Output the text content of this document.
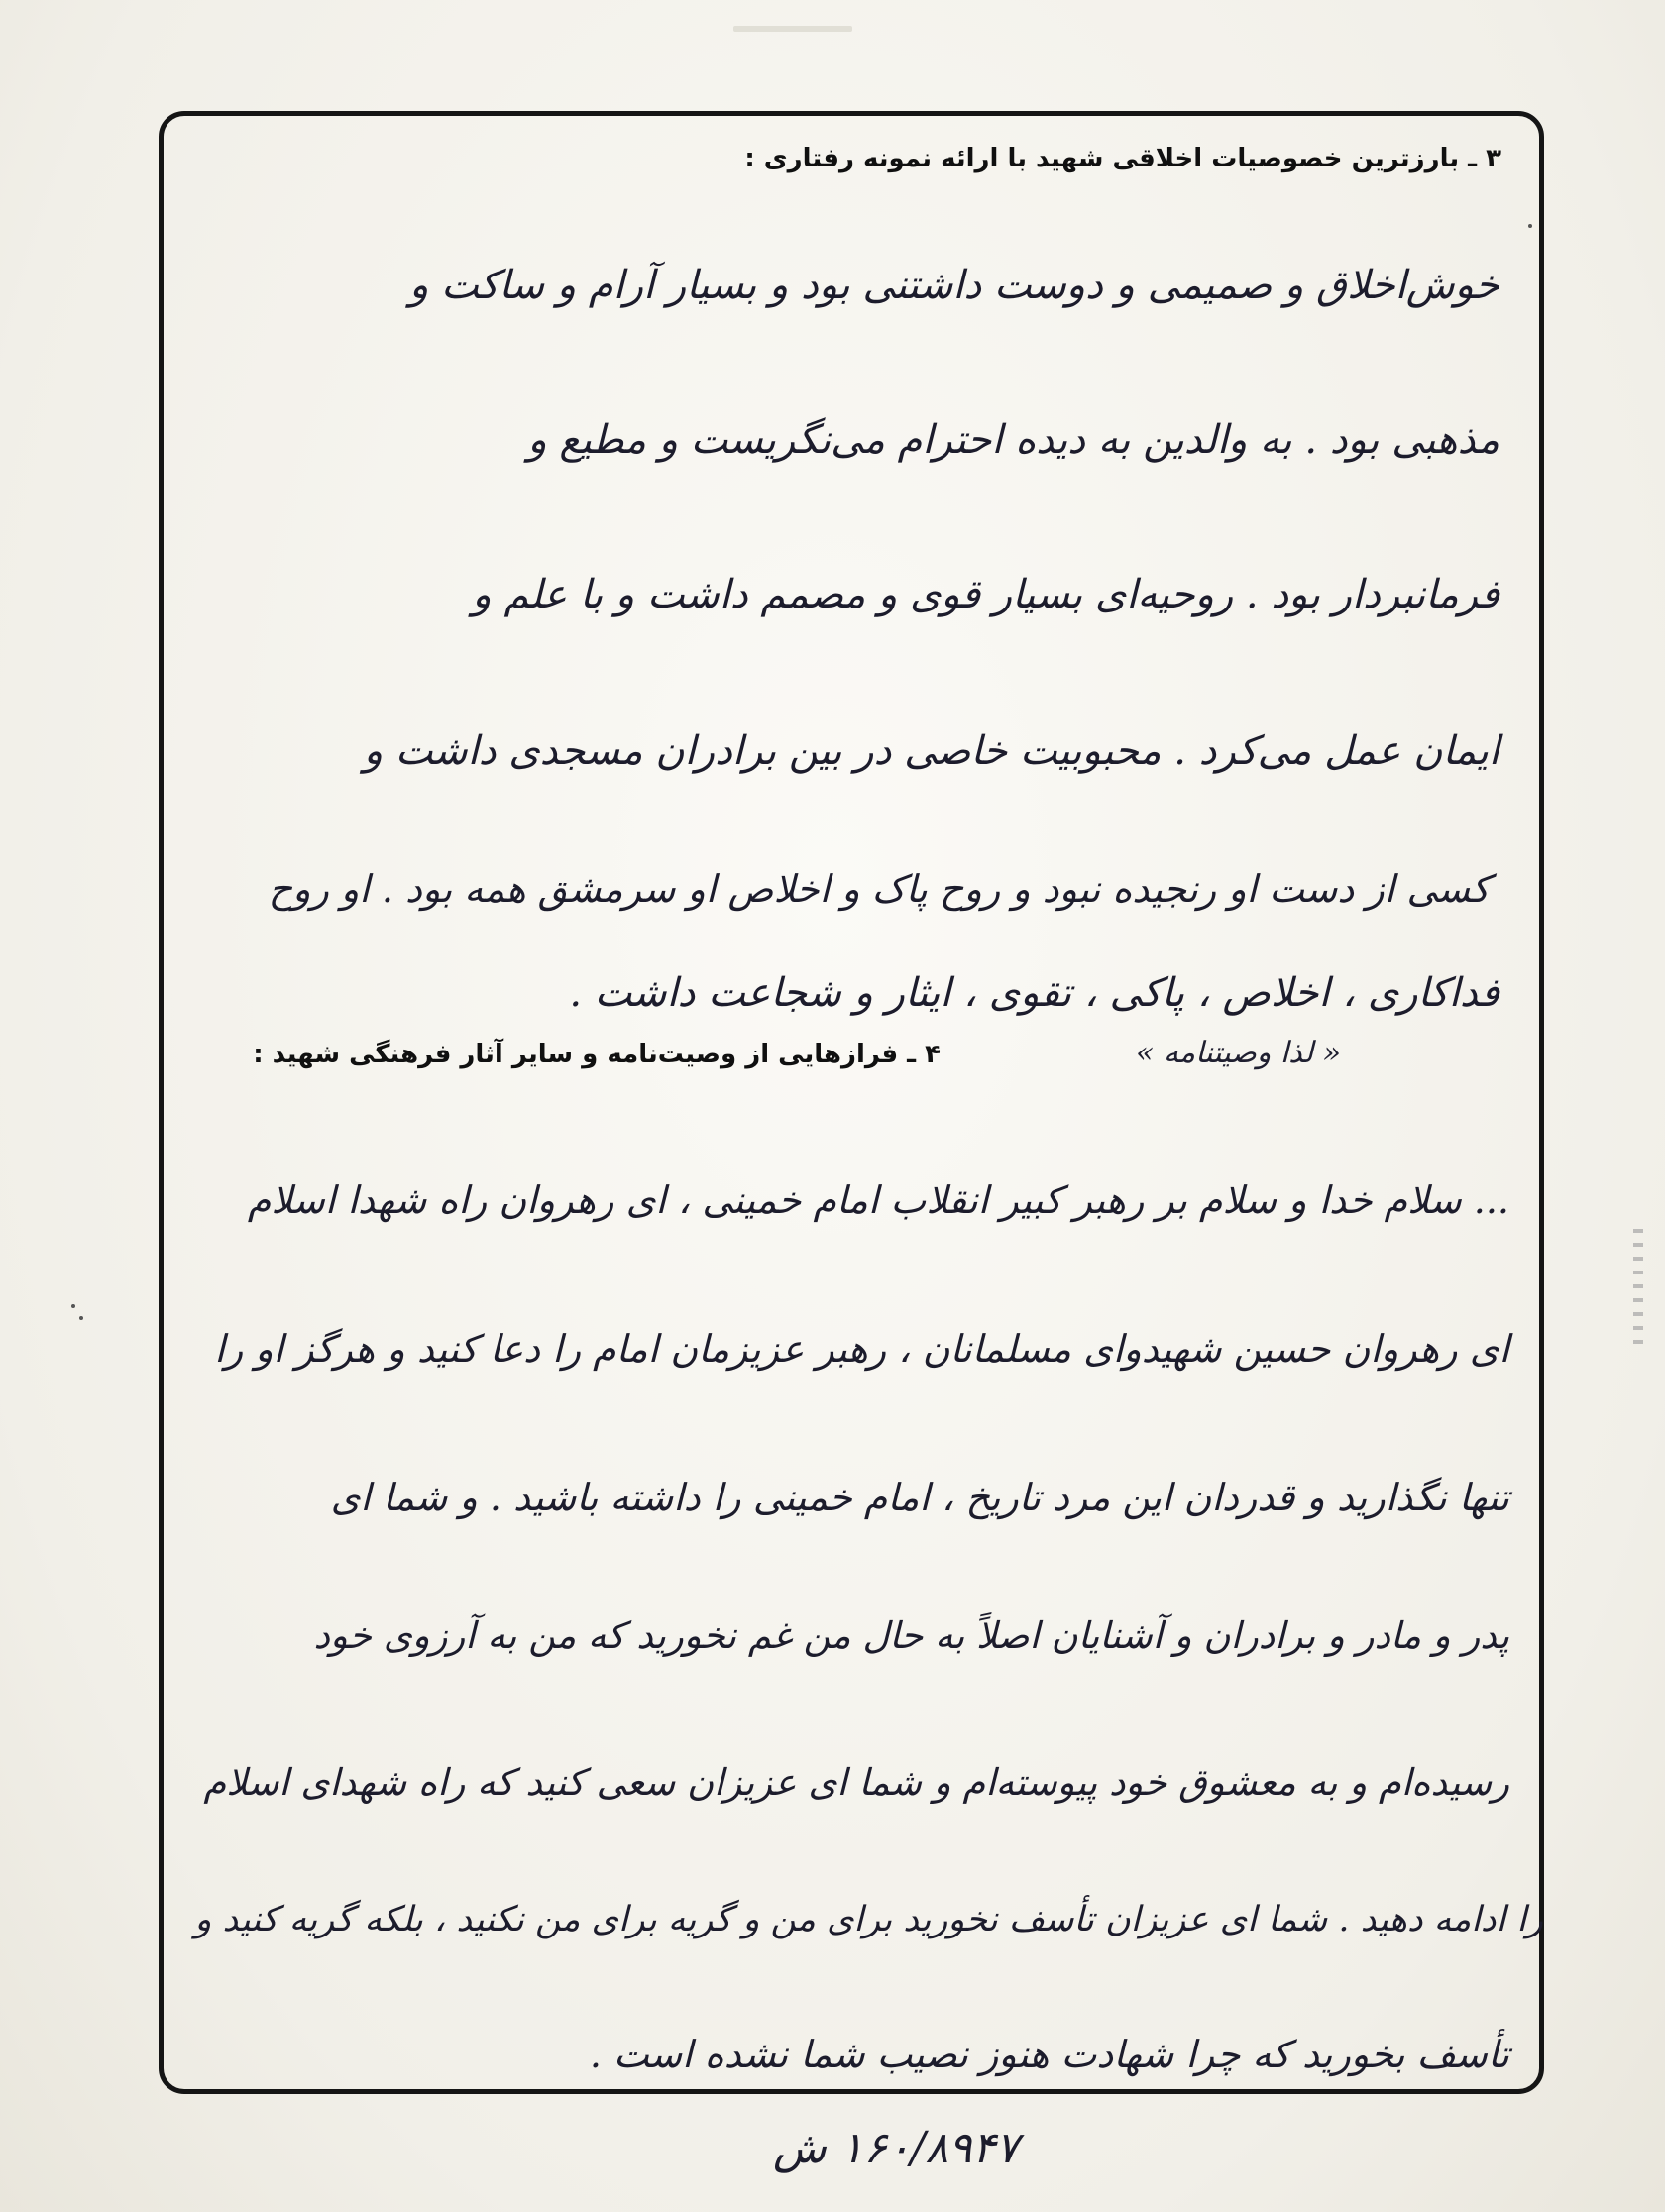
۳ ـ بارزترین خصوصیات اخلاقی شهید با ارائه نمونه رفتاری :
خوش‌اخلاق و صمیمی و دوست داشتنی بود و بسیار آرام و ساکت و
مذهبی بود . به والدین به دیده احترام می‌نگریست و مطیع و
فرمانبردار بود . روحیه‌ای بسیار قوی و مصمم داشت و با علم و
ایمان عمل می‌کرد . محبوبیت خاصی در بین برادران مسجدی داشت و
کسی از دست او رنجیده نبود و روح پاک و اخلاص او سرمشق همه بود . او روح
فداکاری ، اخلاص ، پاکی ، تقوی ، ایثار و شجاعت داشت .
۴ ـ فرازهایی از وصیت‌نامه و سایر آثار فرهنگی شهید :	« لذا وصیتنامه »
... سلام خدا و سلام بر رهبر کبیر انقلاب امام خمینی ، ای رهروان راه شهدا اسلام
ای رهروان حسین شهیدوای مسلمانان ، رهبر عزیزمان امام را دعا کنید و هرگز او را
تنها نگذارید و قدردان این مرد تاریخ ، امام خمینی را داشته باشید . و شما ای
پدر و مادر و برادران و آشنایان اصلاً به حال من غم نخورید که من به آرزوی خود
رسیده‌ام و به معشوق خود پیوسته‌ام و شما ای عزیزان سعی کنید که راه شهدای اسلام
را ادامه دهید . شما ای عزیزان تأسف نخورید برای من و گریه برای من نکنید ، بلکه گریه کنید و
تأسف بخورید که چرا شهادت هنوز نصیب شما نشده است .
۱۶۰/۸۹۴۷ ش
